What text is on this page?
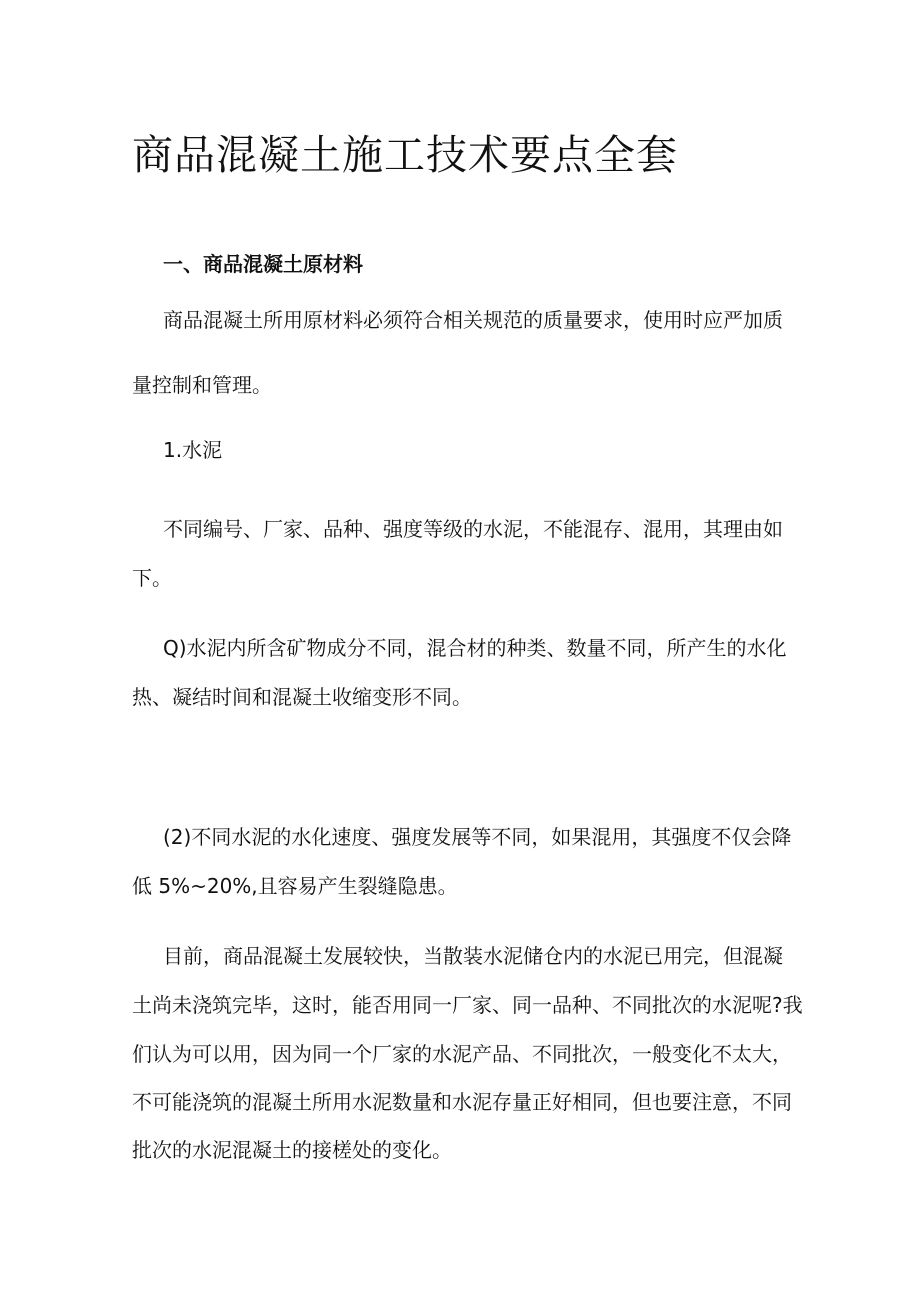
商品混凝土施工技术要点全套
一、商品混凝土原材料

商品混凝土所用原材料必须符合相关规范的质量要求，使用时应严加质

量控制和管理。

1.水泥

不同编号、厂家、品种、强度等级的水泥，不能混存、混用，其理由如

下。

Q)水泥内所含矿物成分不同，混合材的种类、数量不同，所产生的水化

热、凝结时间和混凝土收缩变形不同。

(2)不同水泥的水化速度、强度发展等不同，如果混用，其强度不仅会降

低 5%~20%,且容易产生裂缝隐患。

目前，商品混凝土发展较快，当散装水泥储仓内的水泥已用完，但混凝

土尚未浇筑完毕，这时，能否用同一厂家、同一品种、不同批次的水泥呢?我

们认为可以用，因为同一个厂家的水泥产品、不同批次，一般变化不太大，

不可能浇筑的混凝土所用水泥数量和水泥存量正好相同，但也要注意，不同

批次的水泥混凝土的接槎处的变化。
